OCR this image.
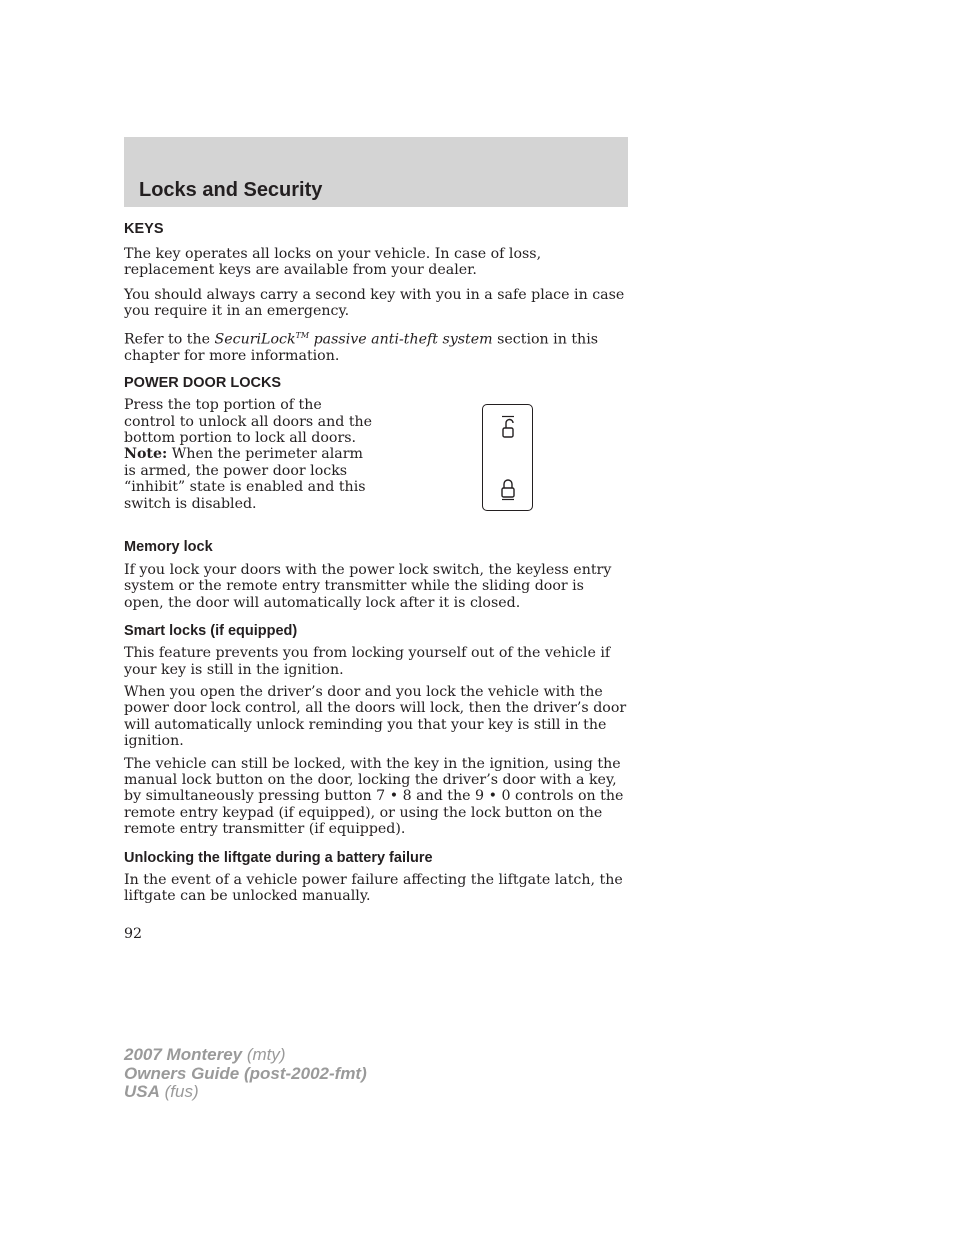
Locks and Security
KEYS

The key operates all locks on your vehicle. In case of loss, replacement keys are available from your dealer.

You should always carry a second key with you in a safe place in case you require it in an emergency.

Refer to the SecuriLock™ passive anti-theft system section in this chapter for more information.

POWER DOOR LOCKS

Press the top portion of the control to unlock all doors and the bottom portion to lock all doors. Note: When the perimeter alarm is armed, the power door locks “inhibit” state is enabled and this switch is disabled.

Memory lock

If you lock your doors with the power lock switch, the keyless entry system or the remote entry transmitter while the sliding door is open, the door will automatically lock after it is closed.

Smart locks (if equipped)

This feature prevents you from locking yourself out of the vehicle if your key is still in the ignition.

When you open the driver’s door and you lock the vehicle with the power door lock control, all the doors will lock, then the driver’s door will automatically unlock reminding you that your key is still in the ignition.

The vehicle can still be locked, with the key in the ignition, using the manual lock button on the door, locking the driver’s door with a key, by simultaneously pressing button 7 • 8 and the 9 • 0 controls on the remote entry keypad (if equipped), or using the lock button on the remote entry transmitter (if equipped).

Unlocking the liftgate during a battery failure

In the event of a vehicle power failure affecting the liftgate latch, the liftgate can be unlocked manually.

92
2007 Monterey (mty)
Owners Guide (post-2002-fmt)
USA (fus)
